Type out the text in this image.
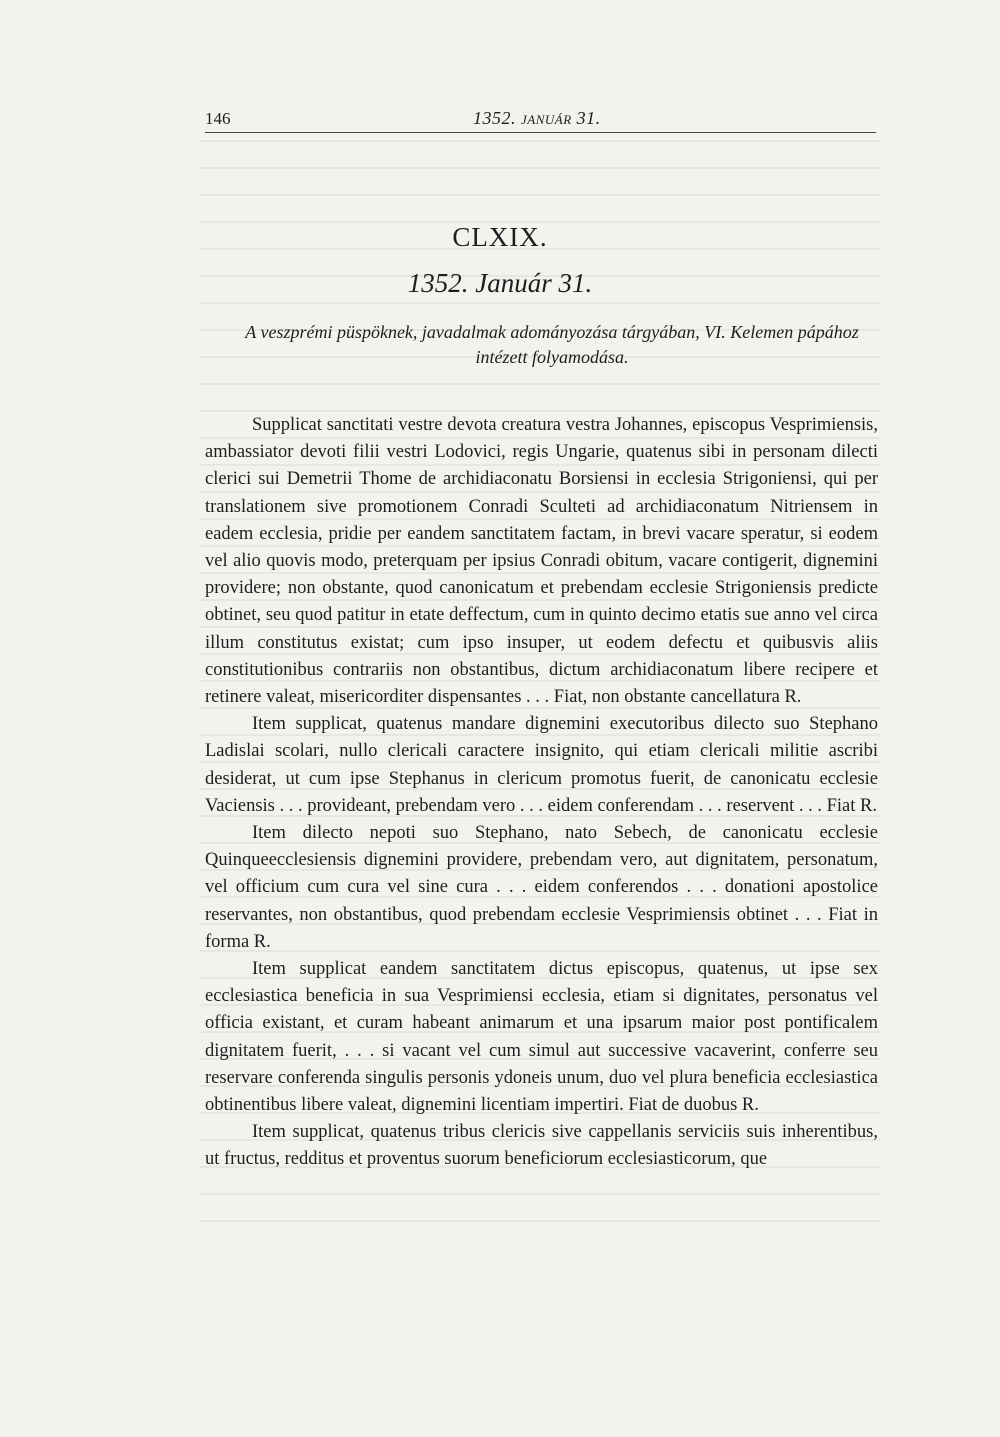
146	1352. JANUÁR 31.
CLXIX.
1352. Január 31.
A veszprémi püspöknek, javadalmak adományozása tárgyában, VI. Kelemen pápához
intézett folyamodása.

Supplicat sanctitati vestre devota creatura vestra Johannes, episcopus Vesprimiensis, ambassiator devoti filii vestri Lodovici, regis Ungarie, quatenus sibi in personam dilecti clerici sui Demetrii Thome de archidiaconatu Borsiensi in ecclesia Strigoniensi, qui per translationem sive promotionem Conradi Sculteti ad archidiaconatum Nitriensem in eadem ecclesia, pridie per eandem sanctitatem factam, in brevi vacare speratur, si eodem vel alio quovis modo, preterquam per ipsius Conradi obitum, vacare contigerit, dignemini providere; non obstante, quod canonicatum et prebendam ecclesie Strigoniensis predicte obtinet, seu quod patitur in etate deffectum, cum in quinto decimo etatis sue anno vel circa illum constitutus existat; cum ipso insuper, ut eodem defectu et quibusvis aliis constitutionibus contrariis non obstantibus, dictum archidiaconatum libere recipere et retinere valeat, misericorditer dispensantes . . . Fiat, non obstante cancellatura R.

Item supplicat, quatenus mandare dignemini executoribus dilecto suo Stephano Ladislai scolari, nullo clericali caractere insignito, qui etiam clericali militie ascribi desiderat, ut cum ipse Stephanus in clericum promotus fuerit, de canonicatu ecclesie Vaciensis . . . provideant, prebendam vero . . . eidem conferendam . . . reservent . . . Fiat R.

Item dilecto nepoti suo Stephano, nato Sebech, de canonicatu ecclesie Quinqueecclesiensis dignemini providere, prebendam vero, aut dignitatem, personatum, vel officium cum cura vel sine cura . . . eidem conferendos . . . donationi apostolice reservantes, non obstantibus, quod prebendam ecclesie Vesprimiensis obtinet . . . Fiat in forma R.

Item supplicat eandem sanctitatem dictus episcopus, quatenus, ut ipse sex ecclesiastica beneficia in sua Vesprimiensi ecclesia, etiam si dignitates, personatus vel officia existant, et curam habeant animarum et una ipsarum maior post pontificalem dignitatem fuerit, . . . si vacant vel cum simul aut successive vacaverint, conferre seu reservare conferenda singulis personis ydoneis unum, duo vel plura beneficia ecclesiastica obtinentibus libere valeat, dignemini licentiam impertiri. Fiat de duobus R.

Item supplicat, quatenus tribus clericis sive cappellanis serviciis suis inherentibus, ut fructus, redditus et proventus suorum beneficiorum ecclesiasticorum, que
